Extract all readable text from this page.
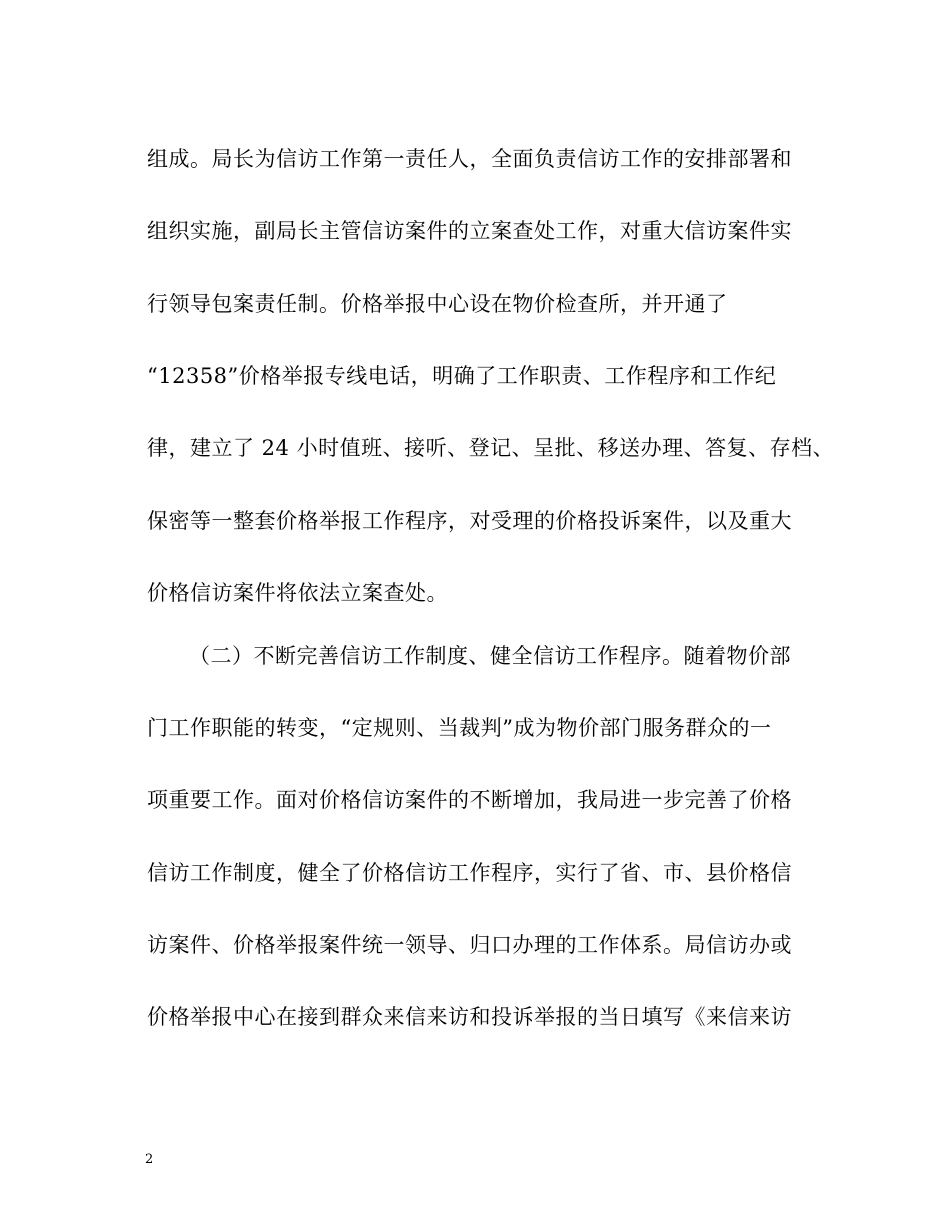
组成。局长为信访工作第一责任人，全面负责信访工作的安排部署和
组织实施，副局长主管信访案件的立案查处工作，对重大信访案件实
行领导包案责任制。价格举报中心设在物价检查所，并开通了
“12358”价格举报专线电话，明确了工作职责、工作程序和工作纪
律，建立了 24 小时值班、接听、登记、呈批、移送办理、答复、存档、
保密等一整套价格举报工作程序，对受理的价格投诉案件，以及重大
价格信访案件将依法立案查处。
（二）不断完善信访工作制度、健全信访工作程序。随着物价部
门工作职能的转变，“定规则、当裁判”成为物价部门服务群众的一
项重要工作。面对价格信访案件的不断增加，我局进一步完善了价格
信访工作制度，健全了价格信访工作程序，实行了省、市、县价格信
访案件、价格举报案件统一领导、归口办理的工作体系。局信访办或
价格举报中心在接到群众来信来访和投诉举报的当日填写《来信来访
2
